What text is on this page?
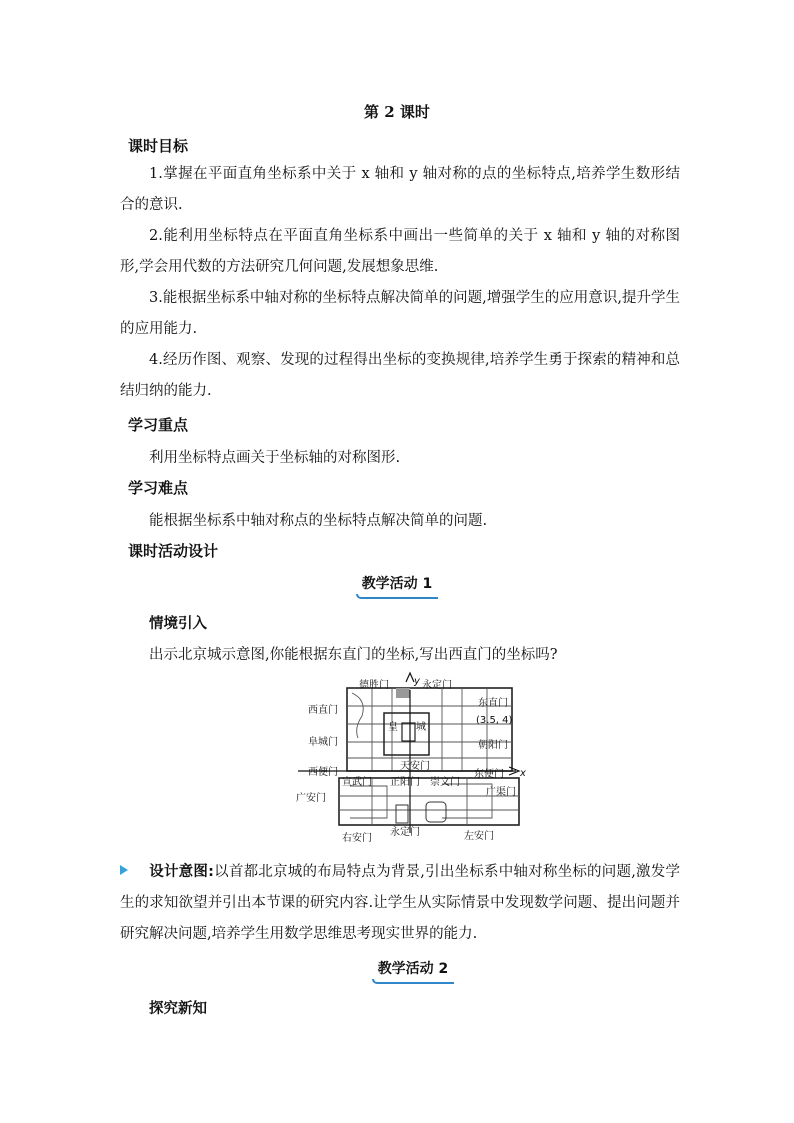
第 2 课时
课时目标
1.掌握在平面直角坐标系中关于 x 轴和 y 轴对称的点的坐标特点,培养学生数形结合的意识.
2.能利用坐标特点在平面直角坐标系中画出一些简单的关于 x 轴和 y 轴的对称图形,学会用代数的方法研究几何问题,发展想象思维.
3.能根据坐标系中轴对称的坐标特点解决简单的问题,增强学生的应用意识,提升学生的应用能力.
4.经历作图、观察、发现的过程得出坐标的变换规律,培养学生勇于探索的精神和总结归纳的能力.
学习重点
利用坐标特点画关于坐标轴的对称图形.
学习难点
能根据坐标系中轴对称点的坐标特点解决简单的问题.
课时活动设计
教学活动 1
情境引入
出示北京城示意图,你能根据东直门的坐标,写出西直门的坐标吗?
y
x
德胜门	永定门
西直门
东直门
(3.5, 4)
阜城门	朝阳门
皇 城
天安门
西便门	东便门
宣武门 正阳门 崇文门
广安门
广渠门
右安门
永定门	左安门
设计意图:以首都北京城的布局特点为背景,引出坐标系中轴对称坐标的问题,激发学生的求知欲望并引出本节课的研究内容.让学生从实际情景中发现数学问题、提出问题并研究解决问题,培养学生用数学思维思考现实世界的能力.
教学活动 2
探究新知
